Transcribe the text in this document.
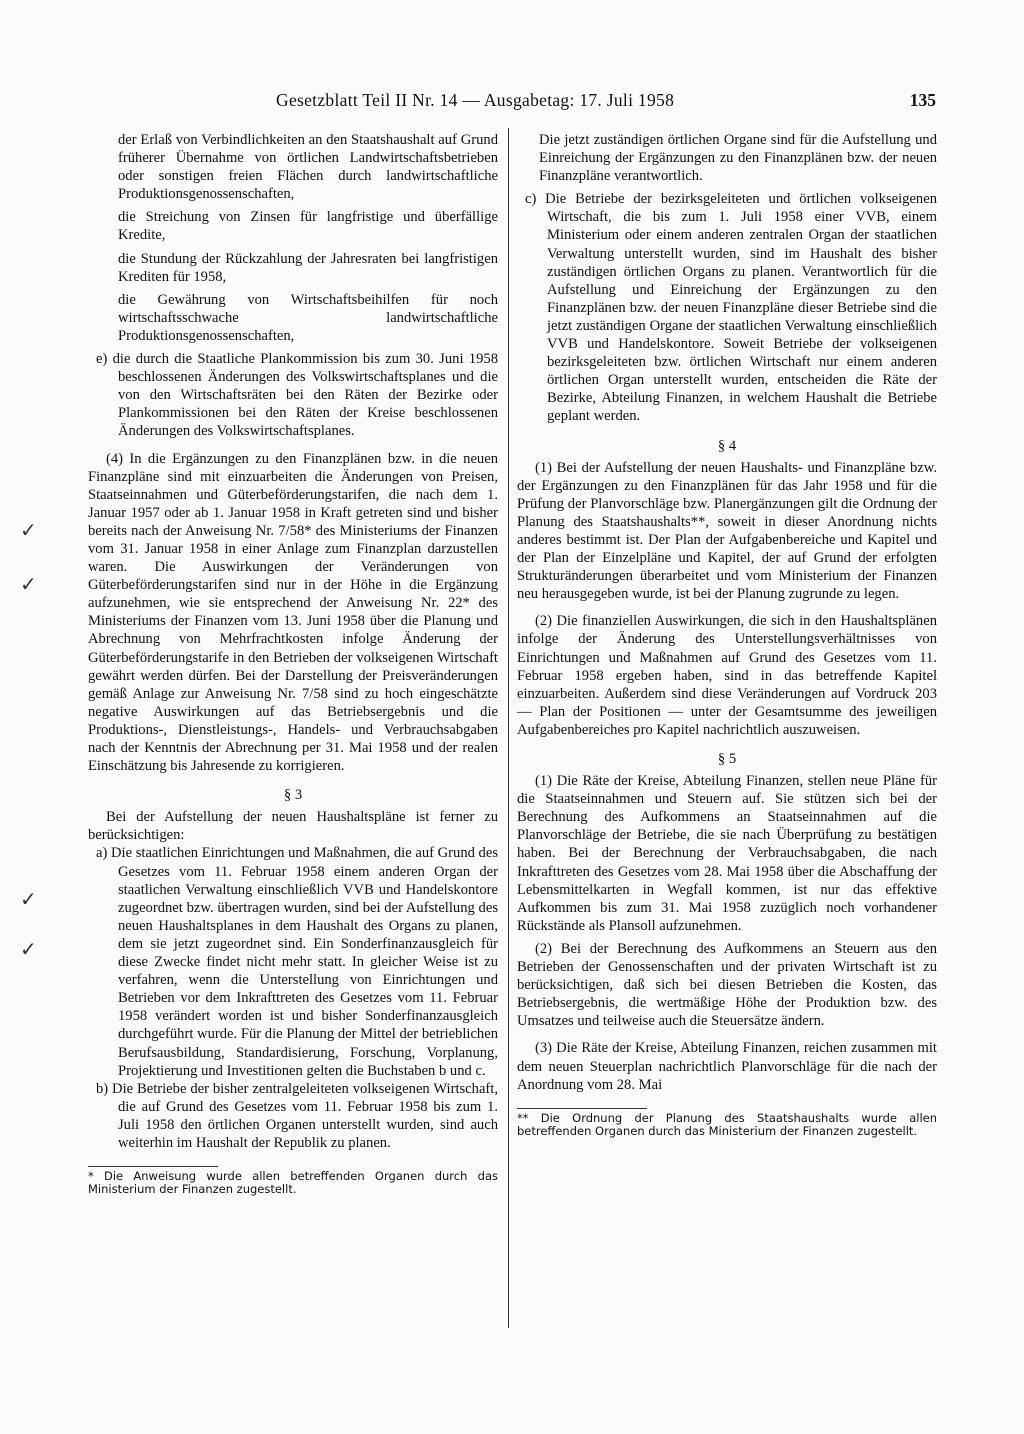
Gesetzblatt Teil II Nr. 14 — Ausgabetag: 17. Juli 1958	135
✓
✓
✓
✓

der Erlaß von Verbindlichkeiten an den Staatshaushalt auf Grund früherer Übernahme von örtlichen Landwirtschaftsbetrieben oder sonstigen freien Flächen durch landwirtschaftliche Produktionsgenossenschaften,

die Streichung von Zinsen für langfristige und überfällige Kredite,

die Stundung der Rückzahlung der Jahresraten bei langfristigen Krediten für 1958,

die Gewährung von Wirtschaftsbeihilfen für noch wirtschaftsschwache landwirtschaftliche Produktionsgenossenschaften,

e) die durch die Staatliche Plankommission bis zum 30. Juni 1958 beschlossenen Änderungen des Volkswirtschaftsplanes und die von den Wirtschaftsräten bei den Räten der Bezirke oder Plankommissionen bei den Räten der Kreise beschlossenen Änderungen des Volkswirtschaftsplanes.

(4) In die Ergänzungen zu den Finanzplänen bzw. in die neuen Finanzpläne sind mit einzuarbeiten die Änderungen von Preisen, Staatseinnahmen und Güterbeförderungstarifen, die nach dem 1. Januar 1957 oder ab 1. Januar 1958 in Kraft getreten sind und bisher bereits nach der Anweisung Nr. 7/58* des Ministeriums der Finanzen vom 31. Januar 1958 in einer Anlage zum Finanzplan darzustellen waren. Die Auswirkungen der Veränderungen von Güterbeförderungstarifen sind nur in der Höhe in die Ergänzung aufzunehmen, wie sie entsprechend der Anweisung Nr. 22* des Ministeriums der Finanzen vom 13. Juni 1958 über die Planung und Abrechnung von Mehrfrachtkosten infolge Änderung der Güterbeförderungstarife in den Betrieben der volkseigenen Wirtschaft gewährt werden dürfen. Bei der Darstellung der Preisveränderungen gemäß Anlage zur Anweisung Nr. 7/58 sind zu hoch eingeschätzte negative Auswirkungen auf das Betriebsergebnis und die Produktions-, Dienstleistungs-, Handels- und Verbrauchsabgaben nach der Kenntnis der Abrechnung per 31. Mai 1958 und der realen Einschätzung bis Jahresende zu korrigieren.

§ 3

Bei der Aufstellung der neuen Haushaltspläne ist ferner zu berücksichtigen:

a) Die staatlichen Einrichtungen und Maßnahmen, die auf Grund des Gesetzes vom 11. Februar 1958 einem anderen Organ der staatlichen Verwaltung einschließlich VVB und Handelskontore zugeordnet bzw. übertragen wurden, sind bei der Aufstellung des neuen Haushaltsplanes in dem Haushalt des Organs zu planen, dem sie jetzt zugeordnet sind. Ein Sonderfinanzausgleich für diese Zwecke findet nicht mehr statt. In gleicher Weise ist zu verfahren, wenn die Unterstellung von Einrichtungen und Betrieben vor dem Inkrafttreten des Gesetzes vom 11. Februar 1958 verändert worden ist und bisher Sonderfinanzausgleich durchgeführt wurde. Für die Planung der Mittel der betrieblichen Berufsausbildung, Standardisierung, Forschung, Vorplanung, Projektierung und Investitionen gelten die Buchstaben b und c.

b) Die Betriebe der bisher zentralgeleiteten volkseigenen Wirtschaft, die auf Grund des Gesetzes vom 11. Februar 1958 bis zum 1. Juli 1958 den örtlichen Organen unterstellt wurden, sind auch weiterhin im Haushalt der Republik zu planen.

* Die Anweisung wurde allen betreffenden Organen durch das Ministerium der Finanzen zugestellt.

Die jetzt zuständigen örtlichen Organe sind für die Aufstellung und Einreichung der Ergänzungen zu den Finanzplänen bzw. der neuen Finanzpläne verantwortlich.

c) Die Betriebe der bezirksgeleiteten und örtlichen volkseigenen Wirtschaft, die bis zum 1. Juli 1958 einer VVB, einem Ministerium oder einem anderen zentralen Organ der staatlichen Verwaltung unterstellt wurden, sind im Haushalt des bisher zuständigen örtlichen Organs zu planen. Verantwortlich für die Aufstellung und Einreichung der Ergänzungen zu den Finanzplänen bzw. der neuen Finanzpläne dieser Betriebe sind die jetzt zuständigen Organe der staatlichen Verwaltung einschließlich VVB und Handelskontore. Soweit Betriebe der volkseigenen bezirksgeleiteten bzw. örtlichen Wirtschaft nur einem anderen örtlichen Organ unterstellt wurden, entscheiden die Räte der Bezirke, Abteilung Finanzen, in welchem Haushalt die Betriebe geplant werden.

§ 4

(1) Bei der Aufstellung der neuen Haushalts- und Finanzpläne bzw. der Ergänzungen zu den Finanzplänen für das Jahr 1958 und für die Prüfung der Planvorschläge bzw. Planergänzungen gilt die Ordnung der Planung des Staatshaushalts**, soweit in dieser Anordnung nichts anderes bestimmt ist. Der Plan der Aufgabenbereiche und Kapitel und der Plan der Einzelpläne und Kapitel, der auf Grund der erfolgten Strukturänderungen überarbeitet und vom Ministerium der Finanzen neu herausgegeben wurde, ist bei der Planung zugrunde zu legen.

(2) Die finanziellen Auswirkungen, die sich in den Haushaltsplänen infolge der Änderung des Unterstellungsverhältnisses von Einrichtungen und Maßnahmen auf Grund des Gesetzes vom 11. Februar 1958 ergeben haben, sind in das betreffende Kapitel einzuarbeiten. Außerdem sind diese Veränderungen auf Vordruck 203 — Plan der Positionen — unter der Gesamtsumme des jeweiligen Aufgabenbereiches pro Kapitel nachrichtlich auszuweisen.

§ 5

(1) Die Räte der Kreise, Abteilung Finanzen, stellen neue Pläne für die Staatseinnahmen und Steuern auf. Sie stützen sich bei der Berechnung des Aufkommens an Staatseinnahmen auf die Planvorschläge der Betriebe, die sie nach Überprüfung zu bestätigen haben. Bei der Berechnung der Verbrauchsabgaben, die nach Inkrafttreten des Gesetzes vom 28. Mai 1958 über die Abschaffung der Lebensmittelkarten in Wegfall kommen, ist nur das effektive Aufkommen bis zum 31. Mai 1958 zuzüglich noch vorhandener Rückstände als Plansoll aufzunehmen.

(2) Bei der Berechnung des Aufkommens an Steuern aus den Betrieben der Genossenschaften und der privaten Wirtschaft ist zu berücksichtigen, daß sich bei diesen Betrieben die Kosten, das Betriebsergebnis, die wertmäßige Höhe der Produktion bzw. des Umsatzes und teilweise auch die Steuersätze ändern.

(3) Die Räte der Kreise, Abteilung Finanzen, reichen zusammen mit dem neuen Steuerplan nachrichtlich Planvorschläge für die nach der Anordnung vom 28. Mai

** Die Ordnung der Planung des Staatshaushalts wurde allen betreffenden Organen durch das Ministerium der Finanzen zugestellt.
